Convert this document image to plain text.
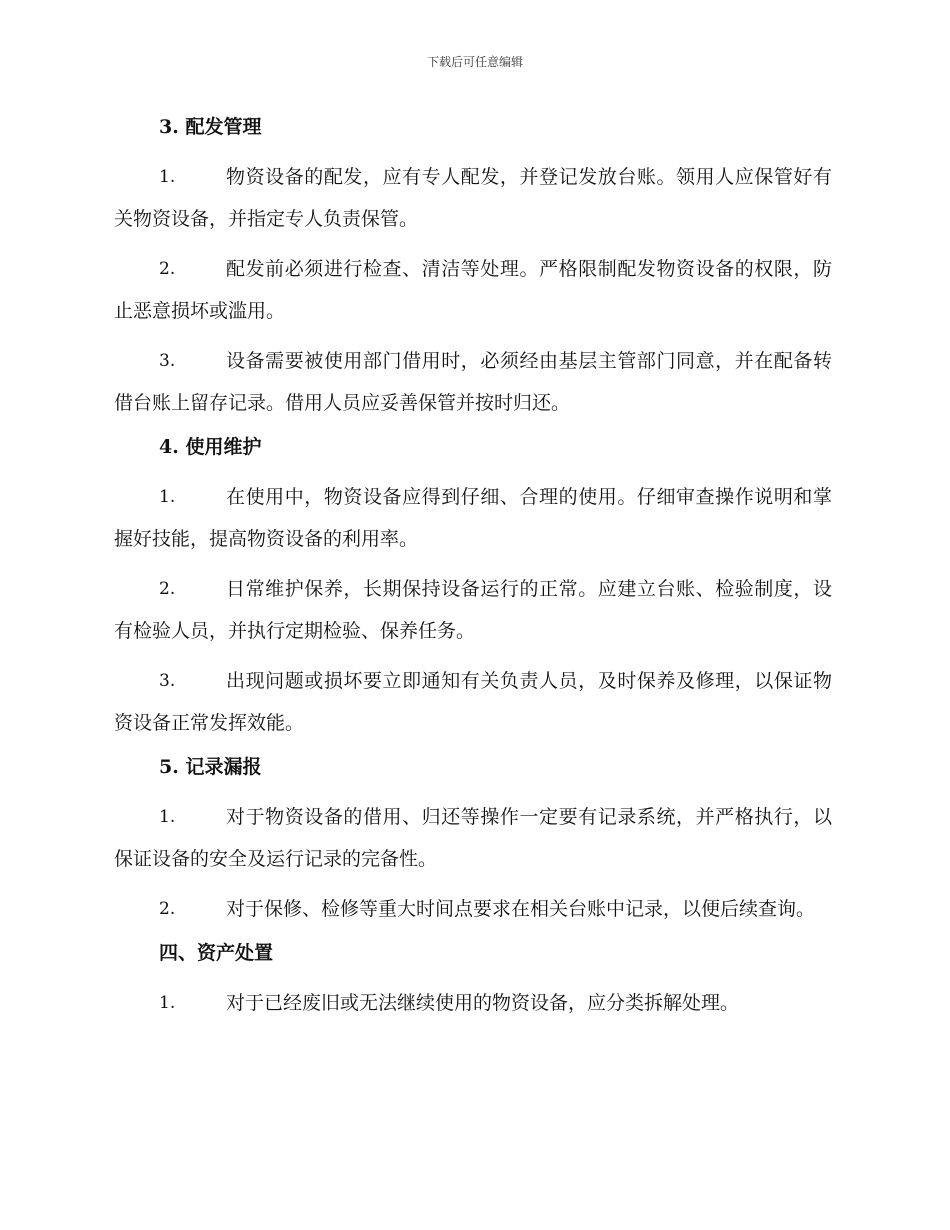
下载后可任意编辑
3. 配发管理
1.	物资设备的配发，应有专人配发，并登记发放台账。领用人应保管好有关物资设备，并指定专人负责保管。
2.	配发前必须进行检查、清洁等处理。严格限制配发物资设备的权限，防止恶意损坏或滥用。
3.	设备需要被使用部门借用时，必须经由基层主管部门同意，并在配备转借台账上留存记录。借用人员应妥善保管并按时归还。
4. 使用维护
1.	在使用中，物资设备应得到仔细、合理的使用。仔细审查操作说明和掌握好技能，提高物资设备的利用率。
2.	日常维护保养，长期保持设备运行的正常。应建立台账、检验制度，设有检验人员，并执行定期检验、保养任务。
3.	出现问题或损坏要立即通知有关负责人员，及时保养及修理，以保证物资设备正常发挥效能。
5. 记录漏报
1.	对于物资设备的借用、归还等操作一定要有记录系统，并严格执行，以保证设备的安全及运行记录的完备性。
2.	对于保修、检修等重大时间点要求在相关台账中记录，以便后续查询。
四、资产处置
1.	对于已经废旧或无法继续使用的物资设备，应分类拆解处理。
